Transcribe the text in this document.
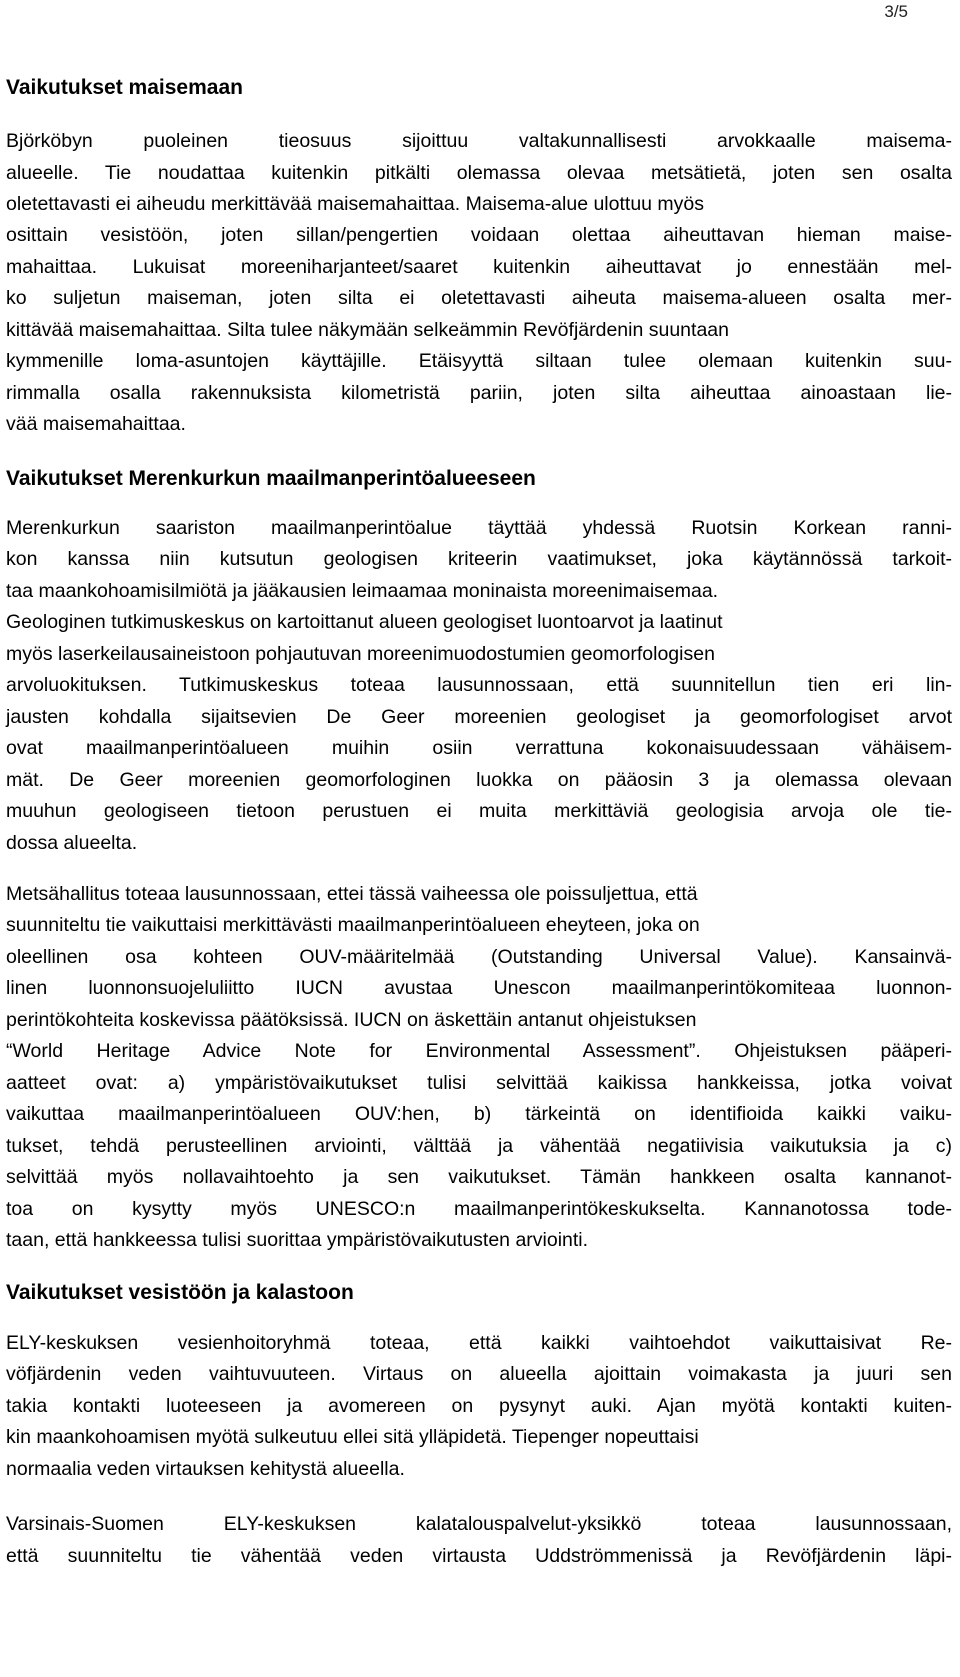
3/5
Vaikutukset maisemaan
Björköbyn puoleinen tieosuus sijoittuu valtakunnallisesti arvokkaalle maisema-
alueelle. Tie noudattaa kuitenkin pitkälti olemassa olevaa metsätietä, joten sen osalta
oletettavasti ei aiheudu merkittävää maisemahaittaa. Maisema-alue ulottuu myös
osittain vesistöön, joten sillan/pengertien voidaan olettaa aiheuttavan hieman maise-
mahaittaa. Lukuisat moreeniharjanteet/saaret kuitenkin aiheuttavat jo ennestään mel-
ko suljetun maiseman, joten silta ei oletettavasti aiheuta maisema-alueen osalta mer-
kittävää maisemahaittaa. Silta tulee näkymään selkeämmin Revöfjärdenin suuntaan
kymmenille loma-asuntojen käyttäjille. Etäisyyttä siltaan tulee olemaan kuitenkin suu-
rimmalla osalla rakennuksista kilometristä pariin, joten silta aiheuttaa ainoastaan lie-
vää maisemahaittaa.
Vaikutukset Merenkurkun maailmanperintöalueeseen
Merenkurkun saariston maailmanperintöalue täyttää yhdessä Ruotsin Korkean ranni-
kon kanssa niin kutsutun geologisen kriteerin vaatimukset, joka käytännössä tarkoit-
taa maankohoamisilmiötä ja jääkausien leimaamaa moninaista moreenimaisemaa.
Geologinen tutkimuskeskus on kartoittanut alueen geologiset luontoarvot ja laatinut
myös laserkeilausaineistoon pohjautuvan moreenimuodostumien geomorfologisen
arvoluokituksen. Tutkimuskeskus toteaa lausunnossaan, että suunnitellun tien eri lin-
jausten kohdalla sijaitsevien De Geer moreenien geologiset ja geomorfologiset arvot
ovat maailmanperintöalueen muihin osiin verrattuna kokonaisuudessaan vähäisem-
mät. De Geer moreenien geomorfologinen luokka on pääosin 3 ja olemassa olevaan
muuhun geologiseen tietoon perustuen ei muita merkittäviä geologisia arvoja ole tie-
dossa alueelta.
Metsähallitus toteaa lausunnossaan, ettei tässä vaiheessa ole poissuljettua, että
suunniteltu tie vaikuttaisi merkittävästi maailmanperintöalueen eheyteen, joka on
oleellinen osa kohteen OUV-määritelmää (Outstanding Universal Value). Kansainvä-
linen luonnonsuojeluliitto IUCN avustaa Unescon maailmanperintökomiteaa luonnon-
perintökohteita koskevissa päätöksissä. IUCN on äskettäin antanut ohjeistuksen
“World Heritage Advice Note for Environmental Assessment”. Ohjeistuksen pääperi-
aatteet ovat: a) ympäristövaikutukset tulisi selvittää kaikissa hankkeissa, jotka voivat
vaikuttaa maailmanperintöalueen OUV:hen, b) tärkeintä on identifioida kaikki vaiku-
tukset, tehdä perusteellinen arviointi, välttää ja vähentää negatiivisia vaikutuksia ja c)
selvittää myös nollavaihtoehto ja sen vaikutukset. Tämän hankkeen osalta kannanot-
toa on kysytty myös UNESCO:n maailmanperintökeskukselta. Kannanotossa tode-
taan, että hankkeessa tulisi suorittaa ympäristövaikutusten arviointi.
Vaikutukset vesistöön ja kalastoon
ELY-keskuksen vesienhoitoryhmä toteaa, että kaikki vaihtoehdot vaikuttaisivat Re-
vöfjärdenin veden vaihtuvuuteen. Virtaus on alueella ajoittain voimakasta ja juuri sen
takia kontakti luoteeseen ja avomereen on pysynyt auki. Ajan myötä kontakti kuiten-
kin maankohoamisen myötä sulkeutuu ellei sitä ylläpidetä. Tiepenger nopeuttaisi
normaalia veden virtauksen kehitystä alueella.
Varsinais-Suomen ELY-keskuksen kalatalouspalvelut-yksikkö toteaa lausunnossaan,
että suunniteltu tie vähentää veden virtausta Uddströmmenissä ja Revöfjärdenin läpi-
